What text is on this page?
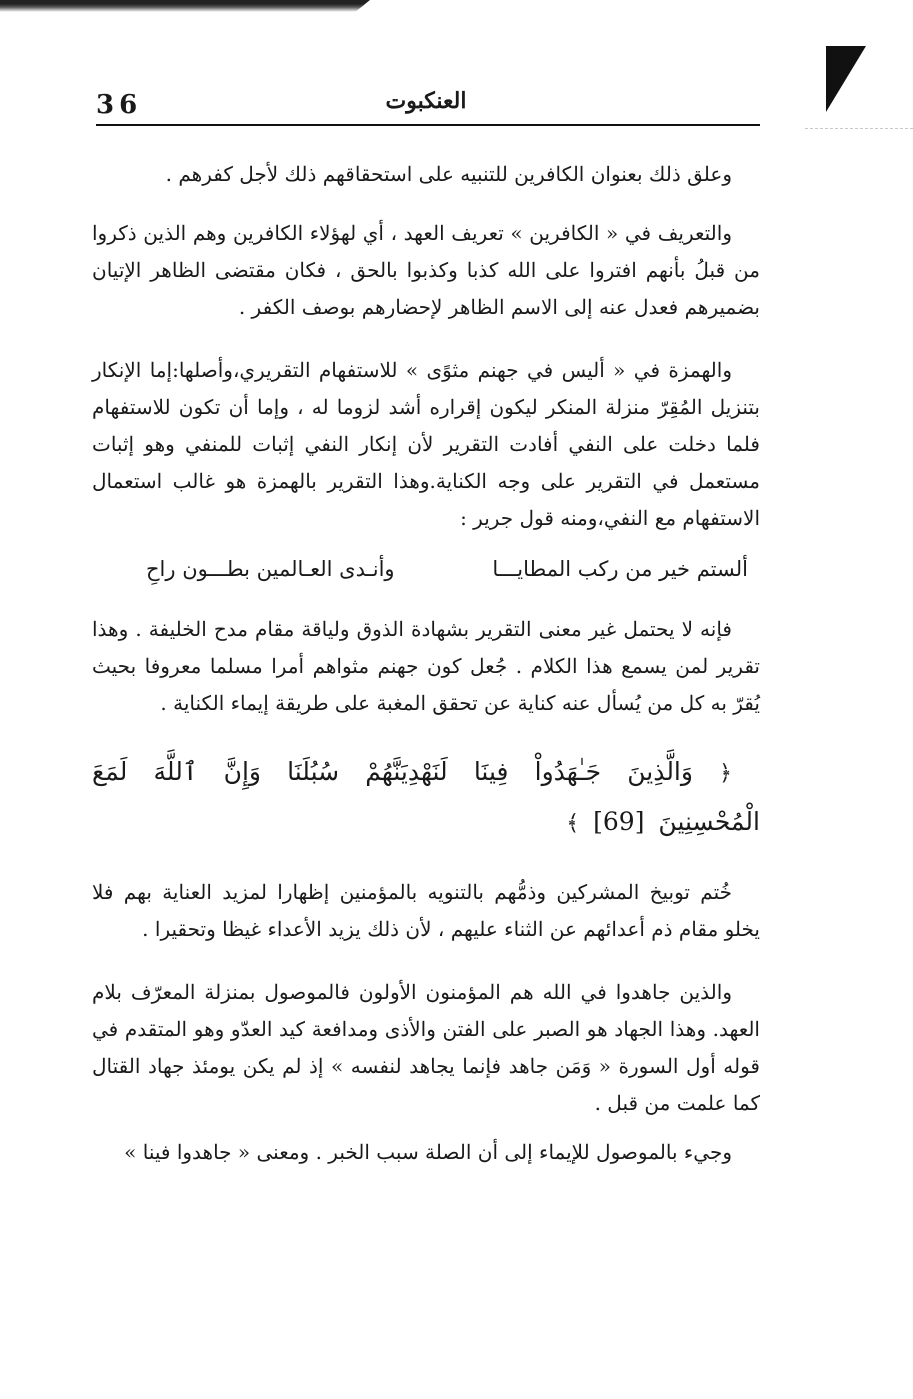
36	العنكبوت

وعلق ذلك بعنوان الكافرين للتنبيه على استحقاقهم ذلك لأجل كفرهم .

والتعريف في « الكافرين » تعريف العهد ، أي لهؤلاء الكافرين وهم الذين ذكروا من قبلُ بأنهم افتروا على الله كذبا وكذبوا بالحق ، فكان مقتضى الظاهر الإتيان بضميرهم فعدل عنه إلى الاسم الظاهر لإحضارهم بوصف الكفر .

والهمزة في « أليس في جهنم مثوًى » للاستفهام التقريري،وأصلها:إما الإنكار بتنزيل المُقِرّ منزلة المنكر ليكون إقراره أشد لزوما له ، وإما أن تكون للاستفهام فلما دخلت على النفي أفادت التقرير لأن إنكار النفي إثبات للمنفي وهو إثبات مستعمل في التقرير على وجه الكناية.وهذا التقرير بالهمزة هو غالب استعمال الاستفهام مع النفي،ومنه قول جرير :

ألستم خير من ركب المطايـــا
وأنـدى العـالمين بطـــون راحِ

فإنه لا يحتمل غير معنى التقرير بشهادة الذوق ولياقة مقام مدح الخليفة . وهذا تقرير لمن يسمع هذا الكلام . جُعل كون جهنم مثواهم أمرا مسلما معروفا بحيث يُقرّ به كل من يُسأل عنه كناية عن تحقق المغبة على طريقة إيماء الكناية .

﴿ وَالَّذِينَ جَـٰهَدُواْ فِينَا لَنَهْدِيَنَّهُمْ سُبُلَنَا وَإِنَّ ٱللَّهَ لَمَعَ الْمُحْسِنِينَ [69] ﴾

خُتم توبيخ المشركين وذمُّهم بالتنويه بالمؤمنين إظهارا لمزيد العناية بهم فلا يخلو مقام ذم أعدائهم عن الثناء عليهم ، لأن ذلك يزيد الأعداء غيظا وتحقيرا .

والذين جاهدوا في الله هم المؤمنون الأولون فالموصول بمنزلة المعرّف بلام العهد. وهذا الجهاد هو الصبر على الفتن والأذى ومدافعة كيد العدّو وهو المتقدم في قوله أول السورة « وَمَن جاهد فإنما يجاهد لنفسه » إذ لم يكن يومئذ جهاد القتال كما علمت من قبل .

وجيء بالموصول للإيماء إلى أن الصلة سبب الخبر . ومعنى « جاهدوا فينا »
